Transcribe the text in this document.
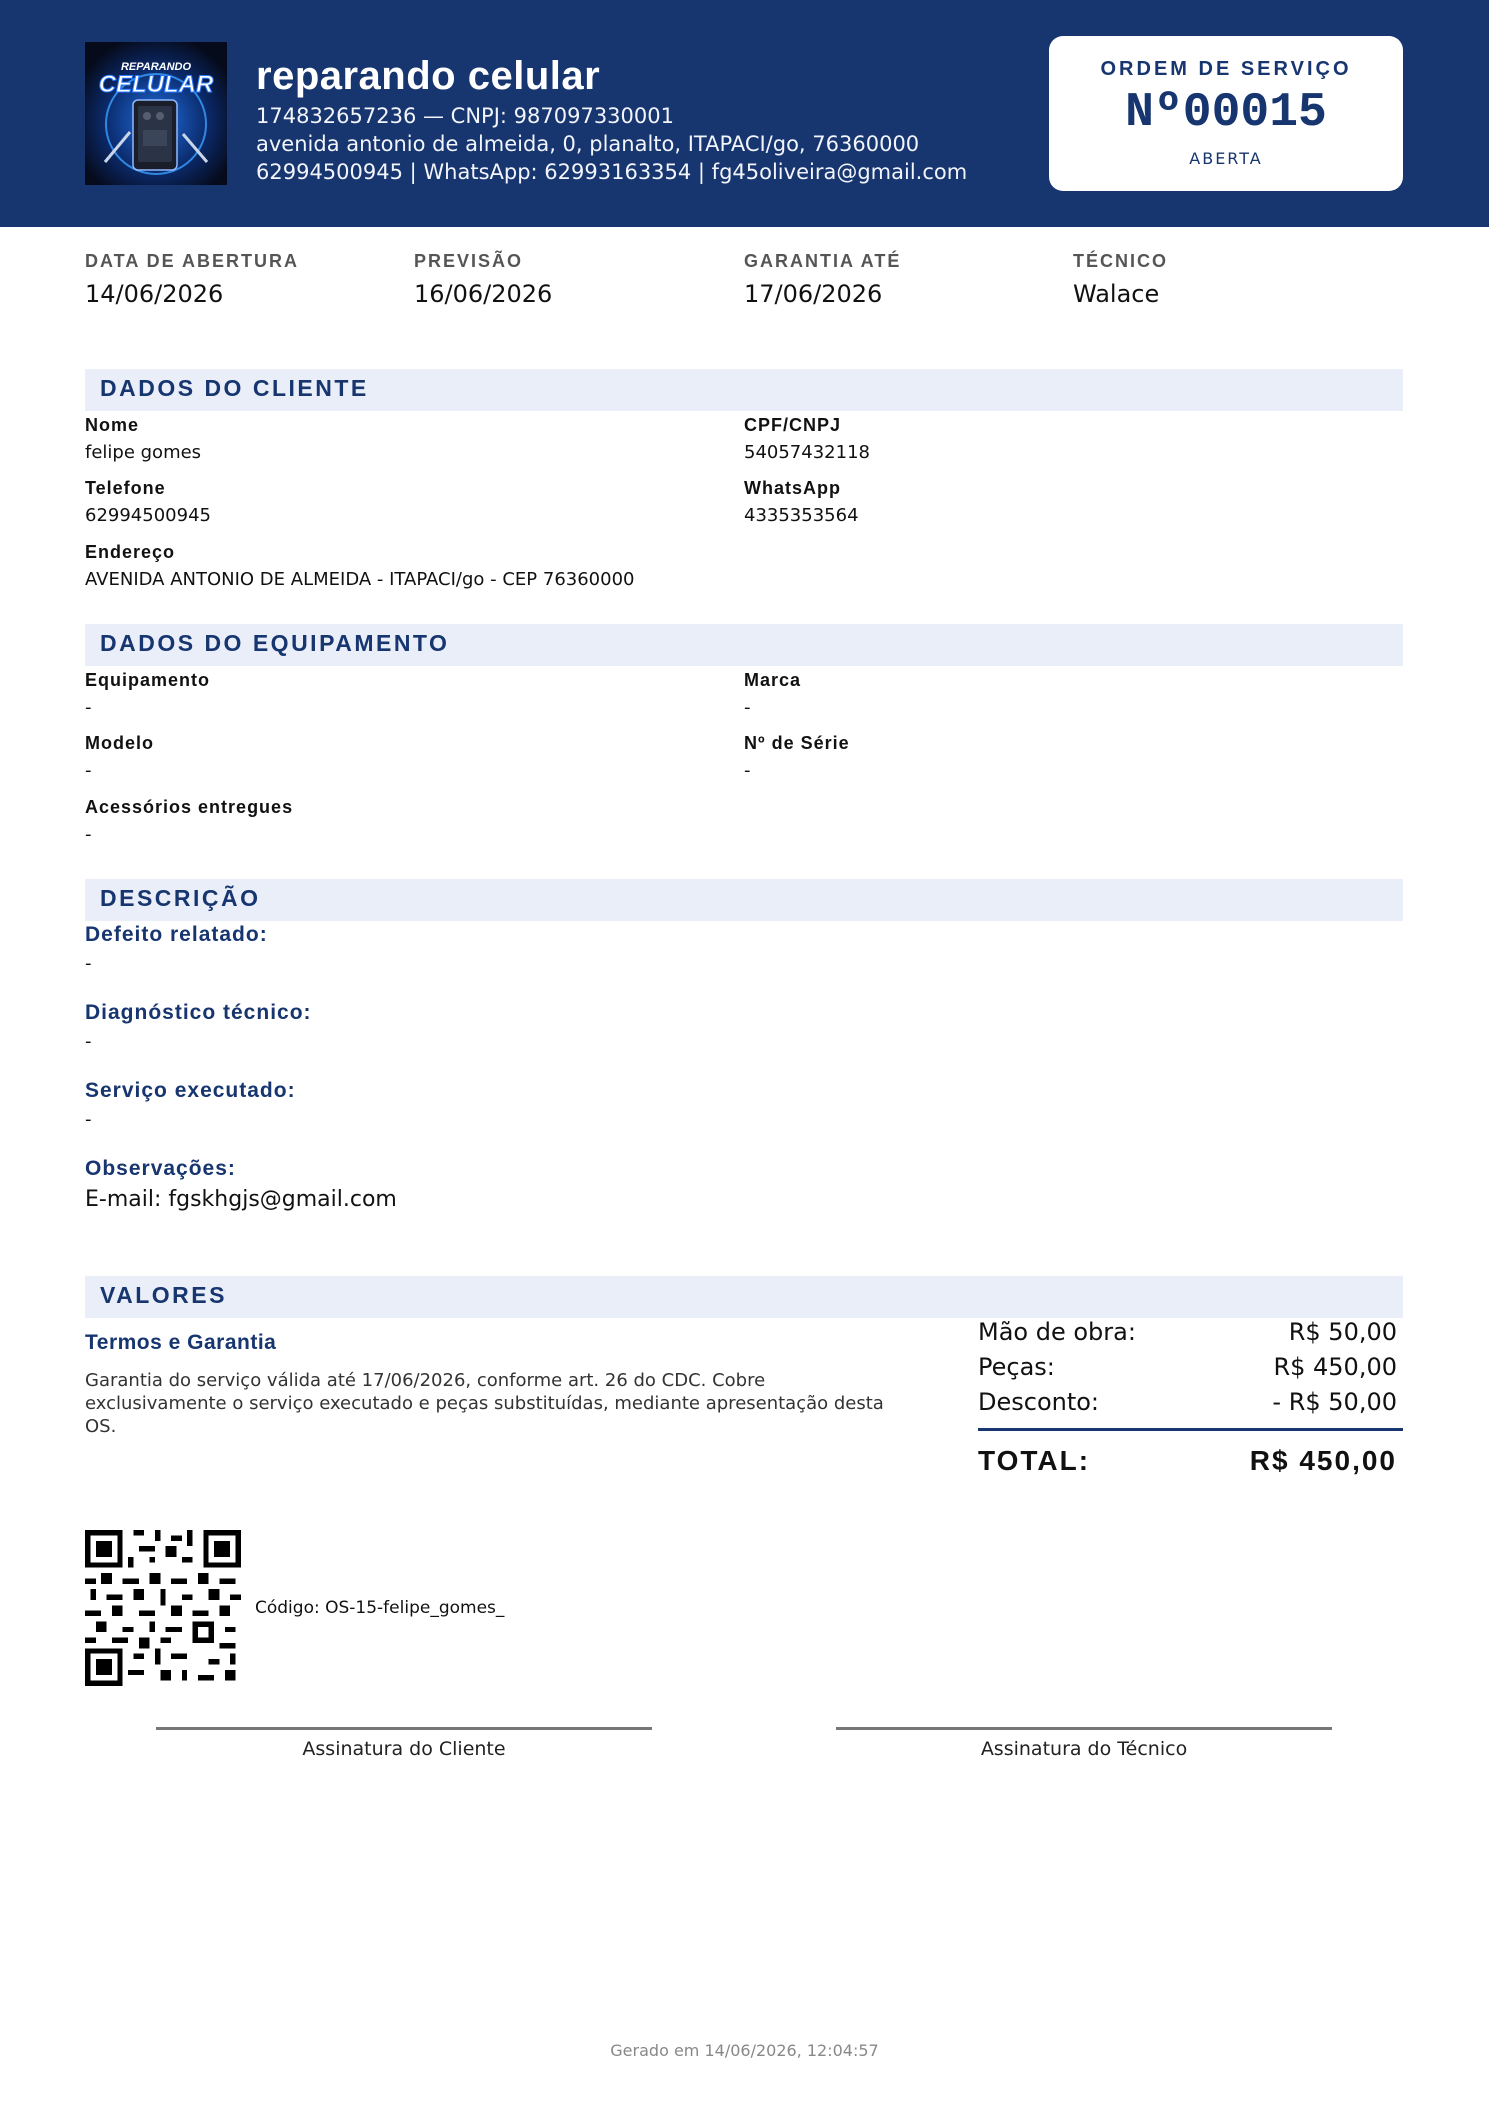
REPARANDO
CELULAR reparando celular
174832657236 — CNPJ: 987097330001
avenida antonio de almeida, 0, planalto, ITAPACI/go, 76360000
62994500945 | WhatsApp: 62993163354 | fg45oliveira@gmail.com
ORDEM DE SERVIÇO
Nº00015
ABERTA
DATA DE ABERTURA
14/06/2026
PREVISÃO
16/06/2026
GARANTIA ATÉ
17/06/2026
TÉCNICO
Walace
DADOS DO CLIENTE
Nome
felipe gomes
CPF/CNPJ
54057432118
Telefone
62994500945
WhatsApp
4335353564
Endereço
AVENIDA ANTONIO DE ALMEIDA - ITAPACI/go - CEP 76360000
DADOS DO EQUIPAMENTO
Equipamento
-
Marca
-
Modelo
-
Nº de Série
-
Acessórios entregues
-
DESCRIÇÃO
Defeito relatado:
-
Diagnóstico técnico:
-
Serviço executado:
-
Observações:
E-mail: fgskhgjs@gmail.com
VALORES
Termos e Garantia
Garantia do serviço válida até 17/06/2026, conforme art. 26 do CDC. Cobre exclusivamente o serviço executado e peças substituídas, mediante apresentação desta OS.
Mão de obra:	R$ 50,00
Peças:	R$ 450,00
Desconto:	- R$ 50,00
TOTAL:	R$ 450,00
Código: OS-15-felipe_gomes_
Assinatura do Cliente	Assinatura do Técnico
Gerado em 14/06/2026, 12:04:57
